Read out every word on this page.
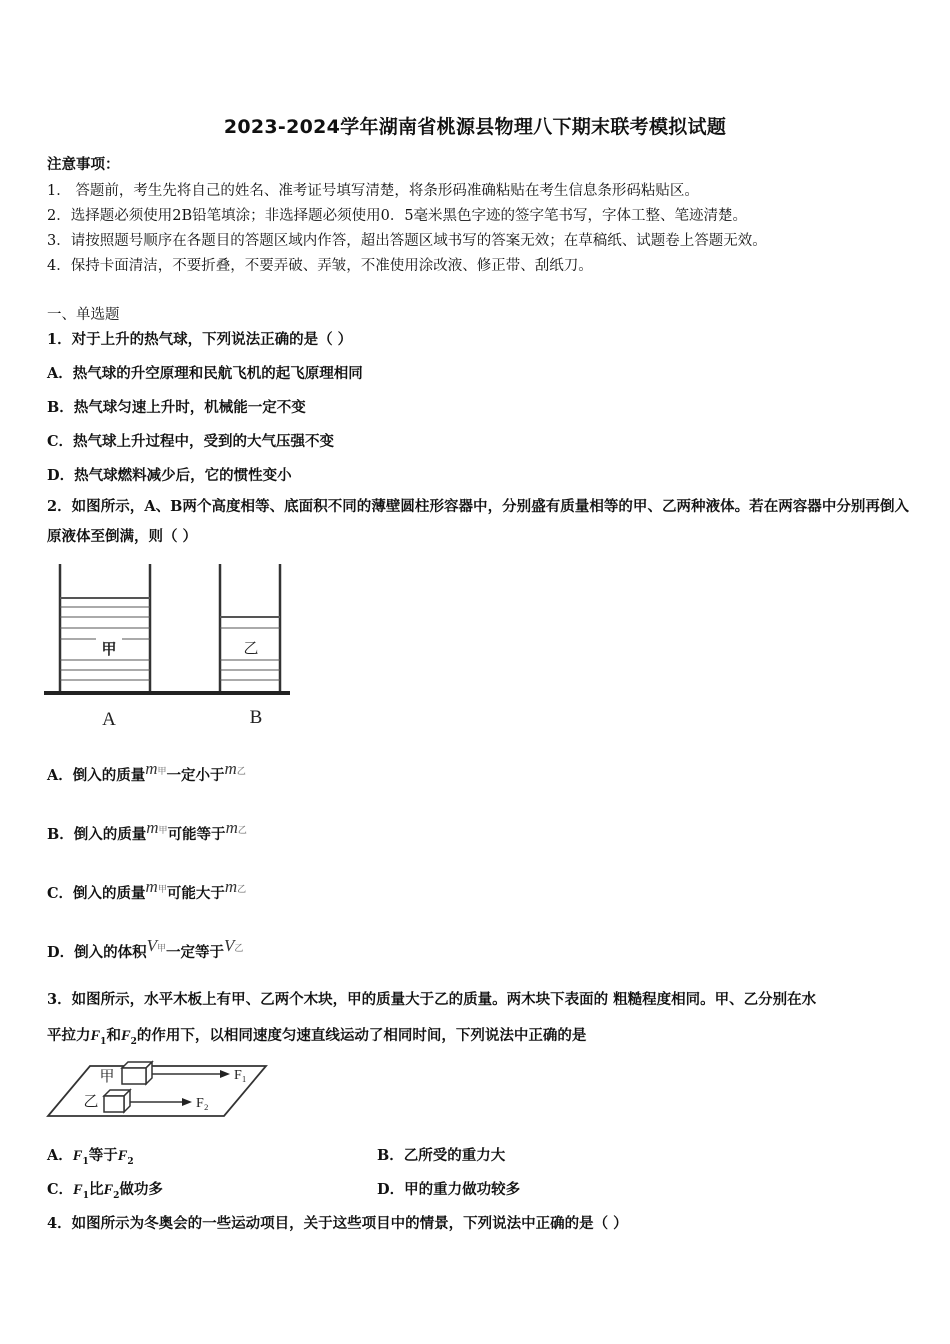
2023-2024学年湖南省桃源县物理八下期末联考模拟试题
注意事项：
1． 答题前，考生先将自己的姓名、准考证号填写清楚，将条形码准确粘贴在考生信息条形码粘贴区。
2．选择题必须使用2B铅笔填涂；非选择题必须使用0．5毫米黑色字迹的签字笔书写，字体工整、笔迹清楚。
3．请按照题号顺序在各题目的答题区域内作答，超出答题区域书写的答案无效；在草稿纸、试题卷上答题无效。
4．保持卡面清洁，不要折叠，不要弄破、弄皱，不准使用涂改液、修正带、刮纸刀。
一、单选题
1．对于上升的热气球，下列说法正确的是（ ）
A．热气球的升空原理和民航飞机的起飞原理相同
B．热气球匀速上升时，机械能一定不变
C．热气球上升过程中，受到的大气压强不变
D．热气球燃料减少后，它的惯性变小
2．如图所示，A、B两个高度相等、底面积不同的薄壁圆柱形容器中，分别盛有质量相等的甲、乙两种液体。若在两容器中分别再倒入原液体至倒满，则（ ）
甲	乙
A	B
A．倒入的质量m甲一定小于m乙
B．倒入的质量m甲可能等于m乙
C．倒入的质量m甲可能大于m乙
D．倒入的体积V甲一定等于V乙
3．如图所示，水平木板上有甲、乙两个木块，甲的质量大于乙的质量。两木块下表面的 粗糙程度相同。甲、乙分别在水
平拉力$F_1$和$F_2$的作用下，以相同速度匀速直线运动了相同时间，下列说法中正确的是
甲	F₁
乙	F₂
A．$F_1$等于$F_2$	B．乙所受的重力大
C．$F_1$比$F_2$做功多	D．甲的重力做功较多
4．如图所示为冬奥会的一些运动项目，关于这些项目中的情景，下列说法中正确的是（ ）
